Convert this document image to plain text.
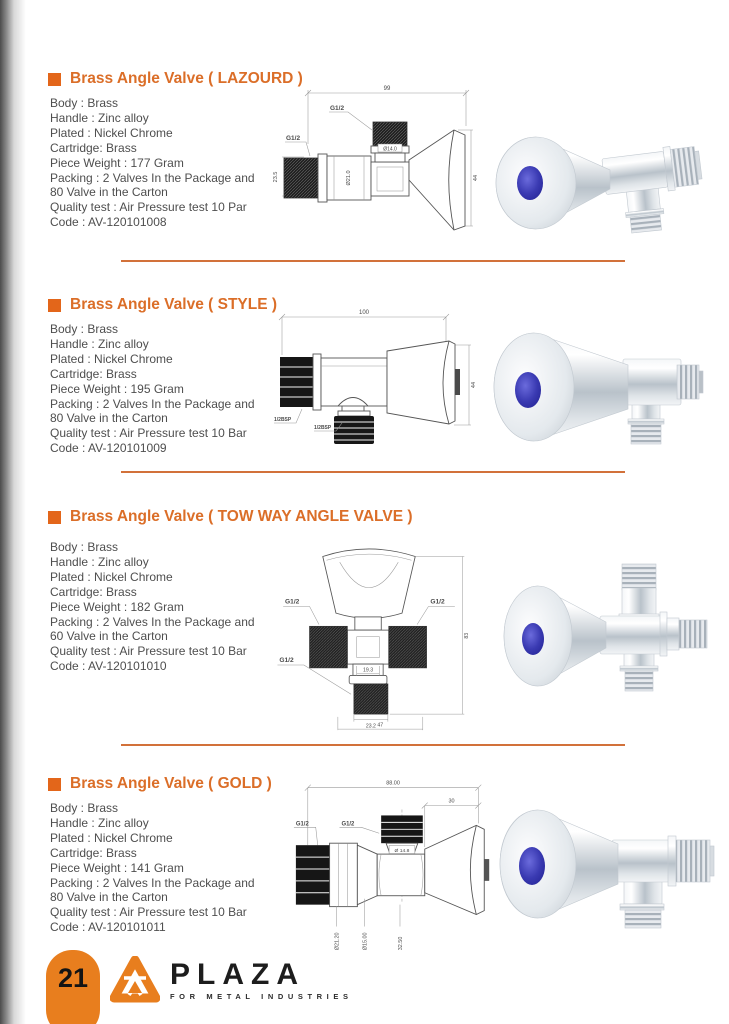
Brass Angle Valve ( LAZOURD )
Body : Brass
Handle : Zinc alloy
Plated : Nickel Chrome
Cartridge: Brass
Piece Weight : 177 Gram
Packing : 2 Valves In the Package and
80 Valve in the Carton
Quality test : Air Pressure test 10 Par
Code : AV-120101008
99
23.5	44
G1/2
G1/2
Ø21.0
Ø14.0
Brass Angle Valve ( STYLE )
Body : Brass
Handle : Zinc alloy
Plated : Nickel Chrome
Cartridge: Brass
Piece Weight : 195 Gram
Packing : 2 Valves In the Package and
80 Valve in the Carton
Quality test : Air Pressure test 10 Bar
Code : AV-120101009
100
44
1/2BSP
1/2BSP
Brass Angle Valve ( TOW WAY ANGLE VALVE )
Body : Brass
Handle : Zinc alloy
Plated : Nickel Chrome
Cartridge: Brass
Piece Weight : 182 Gram
Packing : 2 Valves In the Package and
60 Valve in the Carton
Quality test : Air Pressure test 10 Bar
Code : AV-120101010
G1/2	G1/2
G1/2
19.3
23.2 47
83
Brass Angle Valve ( GOLD )
Body : Brass
Handle : Zinc alloy
Plated : Nickel Chrome
Cartridge: Brass
Piece Weight : 141 Gram
Packing : 2 Valves In the Package and
80 Valve in the Carton
Quality test : Air Pressure test 10 Bar
Code : AV-120101011
88.00
30
G1/2	G1/2
Ø 14.8
Ø21.20	Ø15.00	32.50
21	PLAZA
FOR METAL INDUSTRIES
